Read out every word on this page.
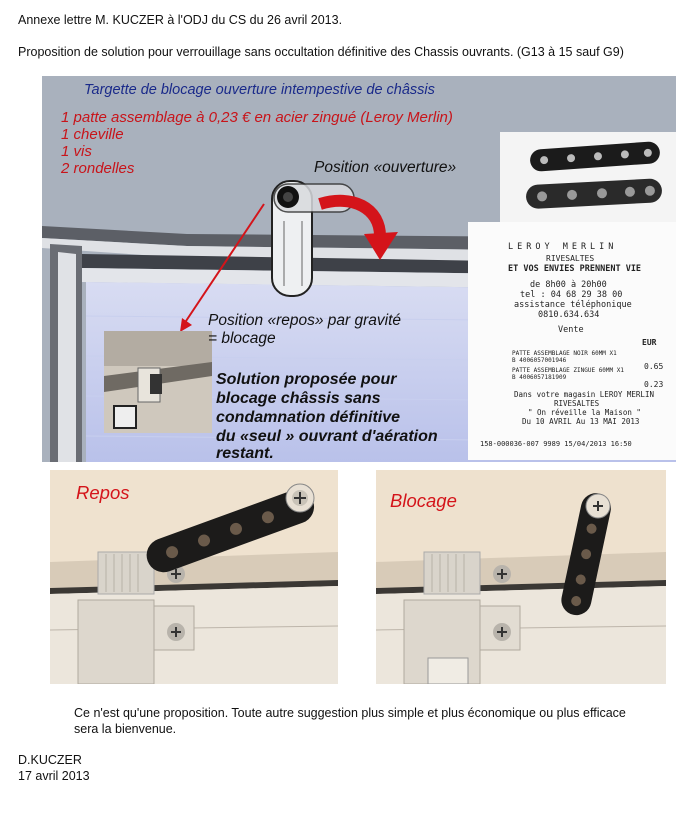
Annexe lettre M. KUCZER à l'ODJ du CS du 26 avril 2013.
Proposition de solution pour verrouillage sans occultation définitive des Chassis ouvrants. (G13 à 15 sauf G9)
Targette de blocage ouverture intempestive de châssis
1 patte assemblage à 0,23 € en acier zingué (Leroy Merlin)
1 cheville
1 vis
2 rondelles	Position «ouverture»
Position «repos» par gravité
= blocage
Solution proposée pour
blocage châssis sans
condamnation définitive
du «seul » ouvrant d'aération
restant.
LEROY MERLIN
RIVESALTES
ET VOS ENVIES PRENNENT VIE
de 8h00 à 20h00
tel : 04 68 29 38 00
assistance téléphonique
0810.634.634
Vente
EUR
PATTE ASSEMBLAGE NOIR 60MM X1
B 4006057001946
0.65
PATTE ASSEMBLAGE ZINGUE 60MM X1
B 4006057181909
0.23
Dans votre magasin LEROY MERLIN
RIVESALTES
" On réveille la Maison "
Du 10 AVRIL Au 13 MAI 2013
158-000036-007 9989 15/04/2013 16:50
Repos	Blocage
Ce n'est qu'une proposition. Toute autre suggestion plus simple et plus économique ou plus efficace
sera la bienvenue.
D.KUCZER
17 avril 2013
